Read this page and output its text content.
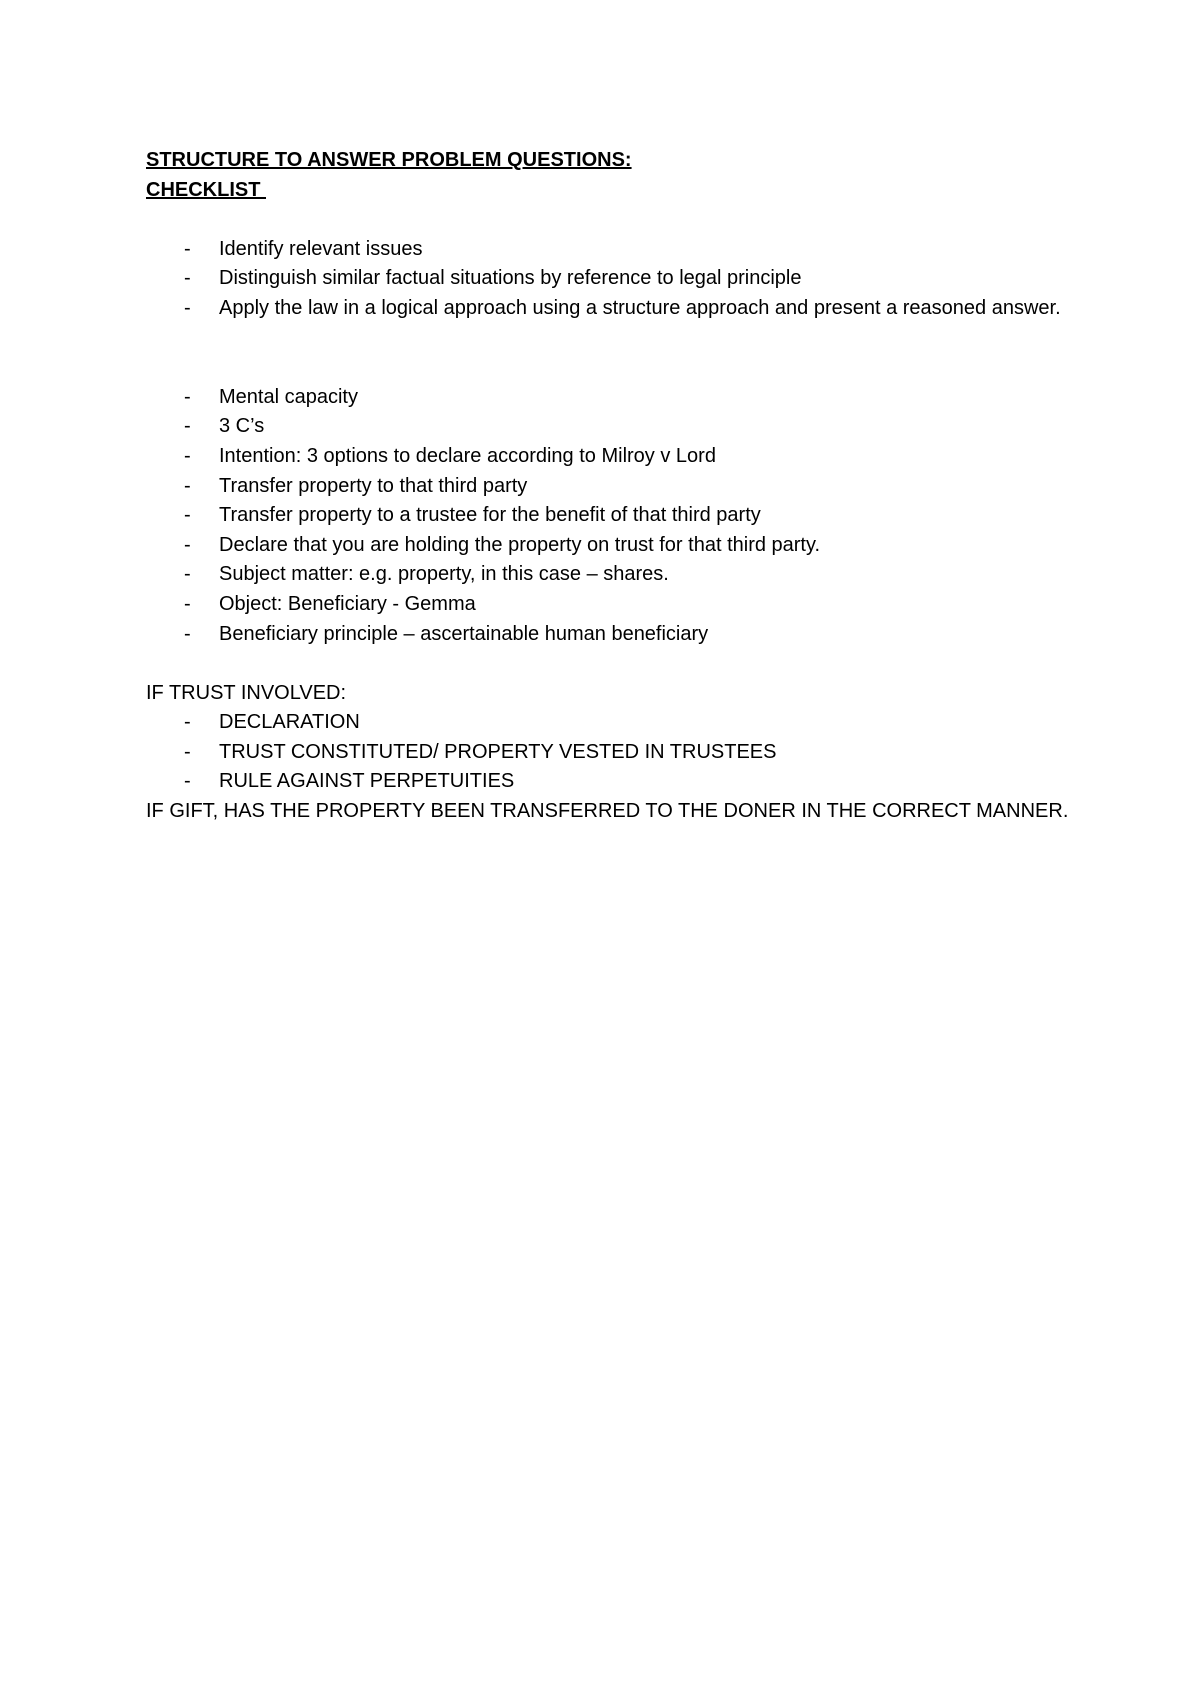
STRUCTURE TO ANSWER PROBLEM QUESTIONS:

CHECKLIST

- Identify relevant issues
- Distinguish similar factual situations by reference to legal principle
- Apply the law in a logical approach using a structure approach and present a reasoned answer.
- Mental capacity
- 3 C’s
- Intention: 3 options to declare according to Milroy v Lord
- Transfer property to that third party
- Transfer property to a trustee for the benefit of that third party
- Declare that you are holding the property on trust for that third party.
- Subject matter: e.g. property, in this case – shares.
- Object: Beneficiary - Gemma
- Beneficiary principle – ascertainable human beneficiary

IF TRUST INVOLVED:

- DECLARATION
- TRUST CONSTITUTED/ PROPERTY VESTED IN TRUSTEES
- RULE AGAINST PERPETUITIES

IF GIFT, HAS THE PROPERTY BEEN TRANSFERRED TO THE DONER IN THE CORRECT MANNER.
